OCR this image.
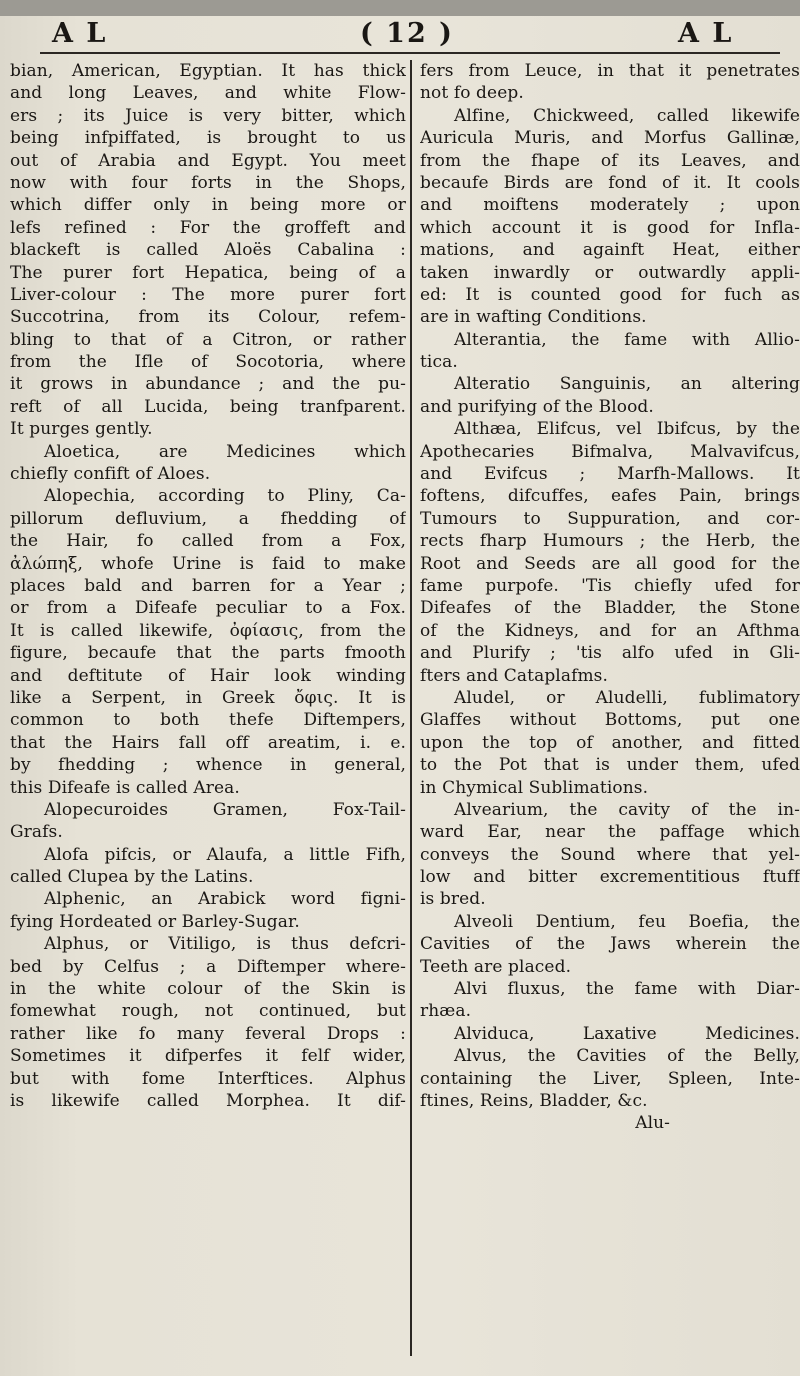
A L	( 12 )	A L
bian, American, Egyptian. It has thick
and long Leaves, and white Flow-
ers ; its Juice is very bitter, which
being infpiffated, is brought to us
out of Arabia and Egypt. You meet
now with four forts in the Shops,
which differ only in being more or
lefs refined : For the groffeft and
blackeft is called Aloës Cabalina :
The purer fort Hepatica, being of a
Liver-colour : The more purer fort
Succotrina, from its Colour, refem-
bling to that of a Citron, or rather
from the Ifle of Socotoria, where
it grows in abundance ; and the pu-
reft of all Lucida, being tranfparent.
It purges gently.
Aloetica, are Medicines which
chiefly confift of Aloes.
Alopechia, according to Pliny, Ca-
pillorum defluvium, a fhedding of
the Hair, fo called from a Fox,
ἀλώπηξ, whofe Urine is faid to make
places bald and barren for a Year ;
or from a Difeafe peculiar to a Fox.
It is called likewife, ὀφίασις, from the
figure, becaufe that the parts fmooth
and deftitute of Hair look winding
like a Serpent, in Greek ὄφις. It is
common to both thefe Diftempers,
that the Hairs fall off areatim, i. e.
by fhedding ; whence in general,
this Difeafe is called Area.
Alopecuroides Gramen, Fox-Tail-
Grafs.
Alofa pifcis, or Alaufa, a little Fifh,
called Clupea by the Latins.
Alphenic, an Arabick word figni-
fying Hordeated or Barley-Sugar.
Alphus, or Vitiligo, is thus defcri-
bed by Celfus ; a Diftemper where-
in the white colour of the Skin is
fomewhat rough, not continued, but
rather like fo many feveral Drops :
Sometimes it difperfes it felf wider,
but with fome Interftices. Alphus
is likewife called Morphea. It dif-
fers from Leuce, in that it penetrates
not fo deep.
Alfine, Chickweed, called likewife
Auricula Muris, and Morfus Gallinæ,
from the fhape of its Leaves, and
becaufe Birds are fond of it. It cools
and moiftens moderately ; upon
which account it is good for Infla-
mations, and againft Heat, either
taken inwardly or outwardly appli-
ed: It is counted good for fuch as
are in wafting Conditions.
Alterantia, the fame with Allio-
tica.
Alteratio Sanguinis, an altering
and purifying of the Blood.
Althæa, Elifcus, vel Ibifcus, by the
Apothecaries Bifmalva, Malvavifcus,
and Evifcus ; Marfh-Mallows. It
foftens, difcuffes, eafes Pain, brings
Tumours to Suppuration, and cor-
rects fharp Humours ; the Herb, the
Root and Seeds are all good for the
fame purpofe. 'Tis chiefly ufed for
Difeafes of the Bladder, the Stone
of the Kidneys, and for an Afthma
and Plurify ; 'tis alfo ufed in Gli-
fters and Cataplafms.
Aludel, or Aludelli, fublimatory
Glaffes without Bottoms, put one
upon the top of another, and fitted
to the Pot that is under them, ufed
in Chymical Sublimations.
Alvearium, the cavity of the in-
ward Ear, near the paffage which
conveys the Sound where that yel-
low and bitter excrementitious ftuff
is bred.
Alveoli Dentium, feu Boefia, the
Cavities of the Jaws wherein the
Teeth are placed.
Alvi fluxus, the fame with Diar-
rhæa.
Alviduca, Laxative Medicines.
Alvus, the Cavities of the Belly,
containing the Liver, Spleen, Inte-
ftines, Reins, Bladder, &c.
Alu-
